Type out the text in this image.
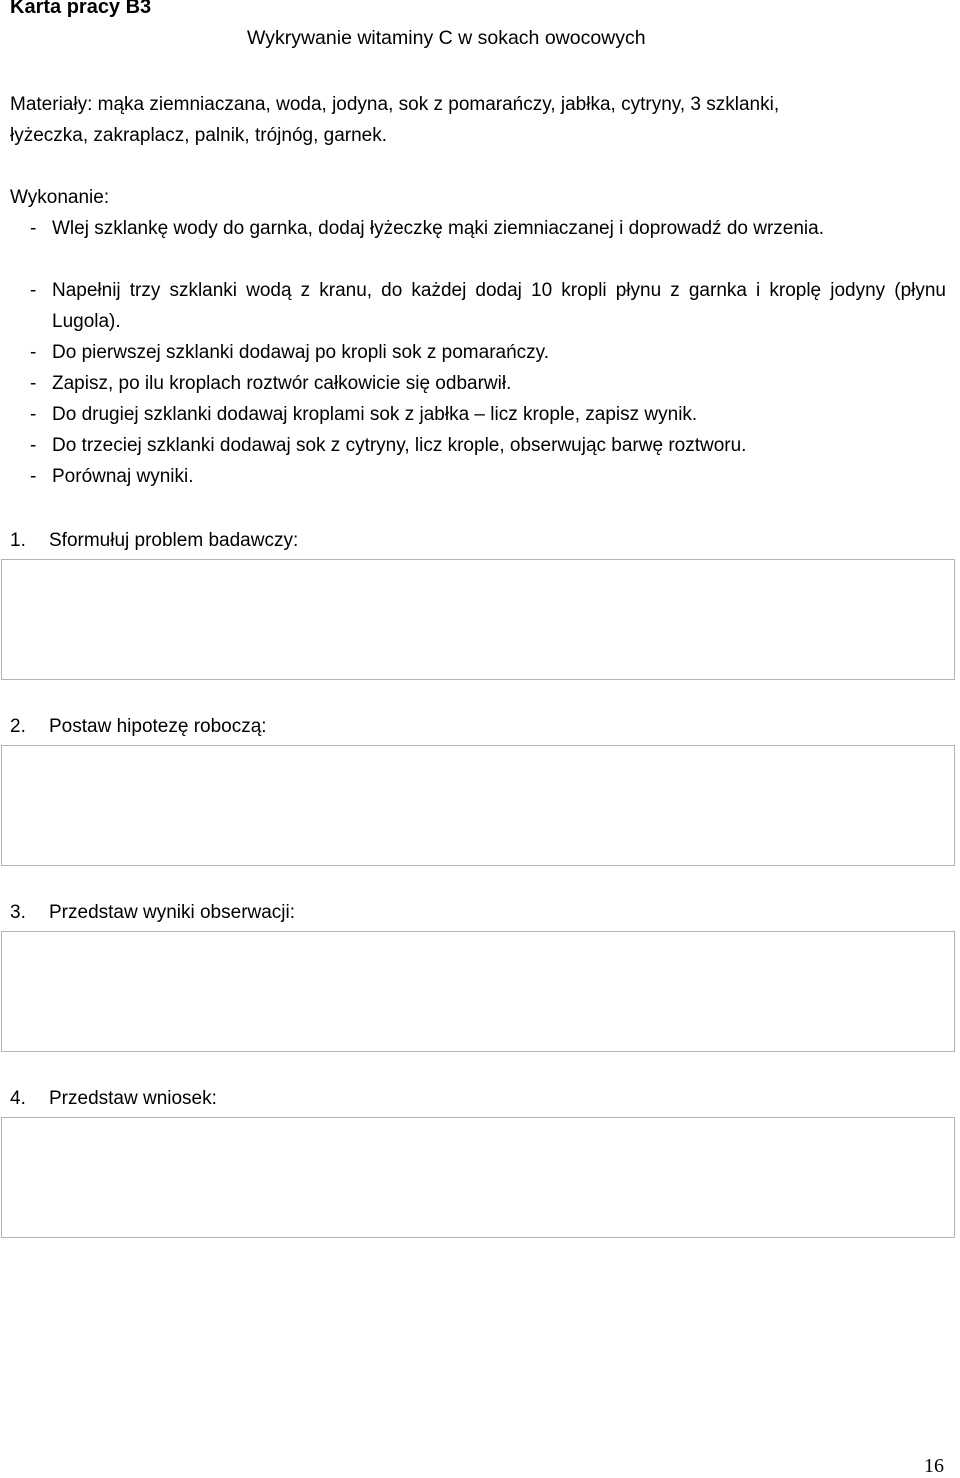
Karta pracy B3
Wykrywanie witaminy C w sokach owocowych
Materiały: mąka ziemniaczana, woda, jodyna, sok z pomarańczy, jabłka, cytryny, 3 szklanki,
łyżeczka, zakraplacz, palnik, trójnóg, garnek.
Wykonanie:
- Wlej szklankę wody do garnka, dodaj łyżeczkę mąki ziemniaczanej i doprowadź do wrzenia.
- Napełnij trzy szklanki wodą z kranu, do każdej dodaj 10 kropli płynu z garnka i kroplę jodyny (płynu Lugola).
- Do pierwszej szklanki dodawaj po kropli sok z pomarańczy.
- Zapisz, po ilu kroplach roztwór całkowicie się odbarwił.
- Do drugiej szklanki dodawaj kroplami sok z jabłka – licz krople, zapisz wynik.
- Do trzeciej szklanki dodawaj sok z cytryny, licz krople, obserwując barwę roztworu.
- Porównaj wyniki.
1. Sformułuj problem badawczy:
2. Postaw hipotezę roboczą:
3. Przedstaw wyniki obserwacji:
4. Przedstaw wniosek:
16
